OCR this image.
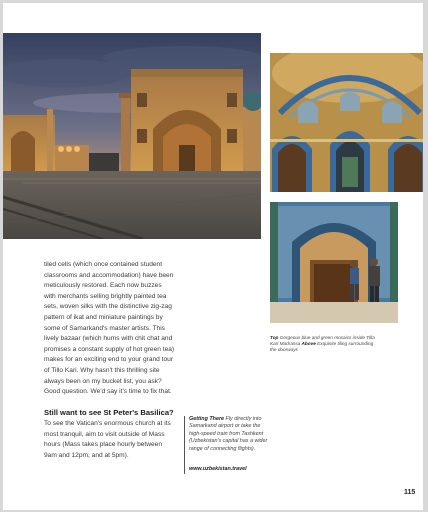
tiled cells (which once contained student classrooms and accommodation) have been meticulously restored. Each now buzzes with merchants selling brightly painted tea sets, woven silks with the distinctive zig-zag pattern of ikat and miniature paintings by some of Samarkand's master artists. This lively bazaar (which hums with chit chat and promises a constant supply of hot green tea) makes for an exciting end to your grand tour of Tillo Kari. Why hasn't this thrilling site always been on my bucket list, you ask? Good question. We'd say it's time to fix that.

Still want to see St Peter's Basilica?

To see the Vatican's enormous church at its most tranquil, aim to visit outside of Mass hours (Mass takes place hourly between 9am and 12pm, and at 5pm).

Getting There Fly directly into Samarkand airport or take the high-speed train from Tashkent (Uzbekistan's capital has a wider range of connecting flights).
www.uzbekistan.travel

Top Gorgeous blue and green mosaics inside Tilla Kari Madrassa Above Exquisite tiling surrounding the doorways

115
